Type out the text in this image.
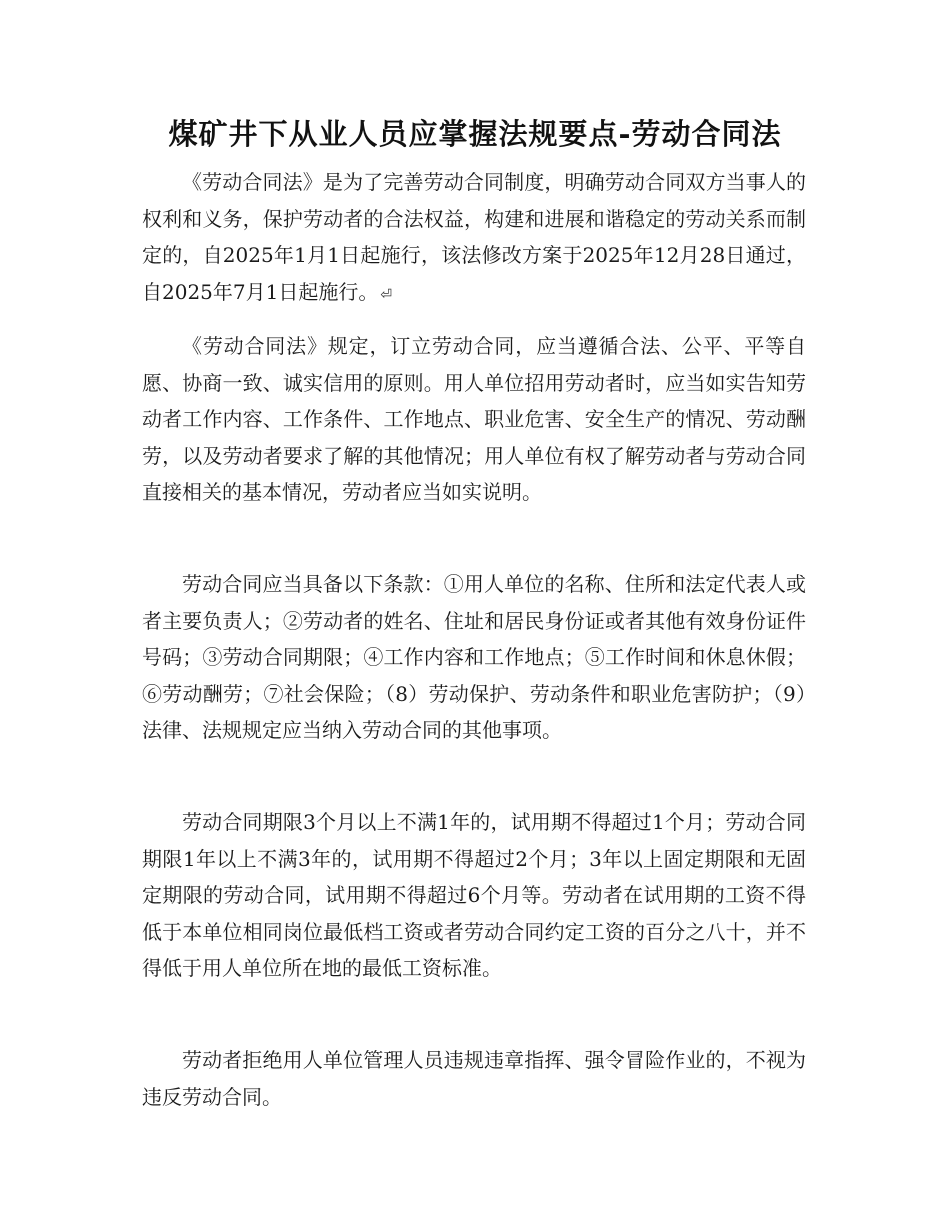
煤矿井下从业人员应掌握法规要点-劳动合同法

《劳动合同法》是为了完善劳动合同制度，明确劳动合同双方当事人的权利和义务，保护劳动者的合法权益，构建和进展和谐稳定的劳动关系而制定的，自2025年1月1日起施行，该法修改方案于2025年12月28日通过，自2025年7月1日起施行。 ⏎

《劳动合同法》规定，订立劳动合同，应当遵循合法、公平、平等自愿、协商一致、诚实信用的原则。用人单位招用劳动者时，应当如实告知劳动者工作内容、工作条件、工作地点、职业危害、安全生产的情况、劳动酬劳，以及劳动者要求了解的其他情况；用人单位有权了解劳动者与劳动合同直接相关的基本情况，劳动者应当如实说明。

劳动合同应当具备以下条款：①用人单位的名称、住所和法定代表人或者主要负责人；②劳动者的姓名、住址和居民身份证或者其他有效身份证件号码；③劳动合同期限；④工作内容和工作地点；⑤工作时间和休息休假；⑥劳动酬劳；⑦社会保险；（8）劳动保护、劳动条件和职业危害防护；（9）法律、法规规定应当纳入劳动合同的其他事项。

劳动合同期限3个月以上不满1年的，试用期不得超过1个月；劳动合同期限1年以上不满3年的，试用期不得超过2个月；3年以上固定期限和无固定期限的劳动合同，试用期不得超过6个月等。劳动者在试用期的工资不得低于本单位相同岗位最低档工资或者劳动合同约定工资的百分之八十，并不得低于用人单位所在地的最低工资标准。

劳动者拒绝用人单位管理人员违规违章指挥、强令冒险作业的，不视为违反劳动合同。
